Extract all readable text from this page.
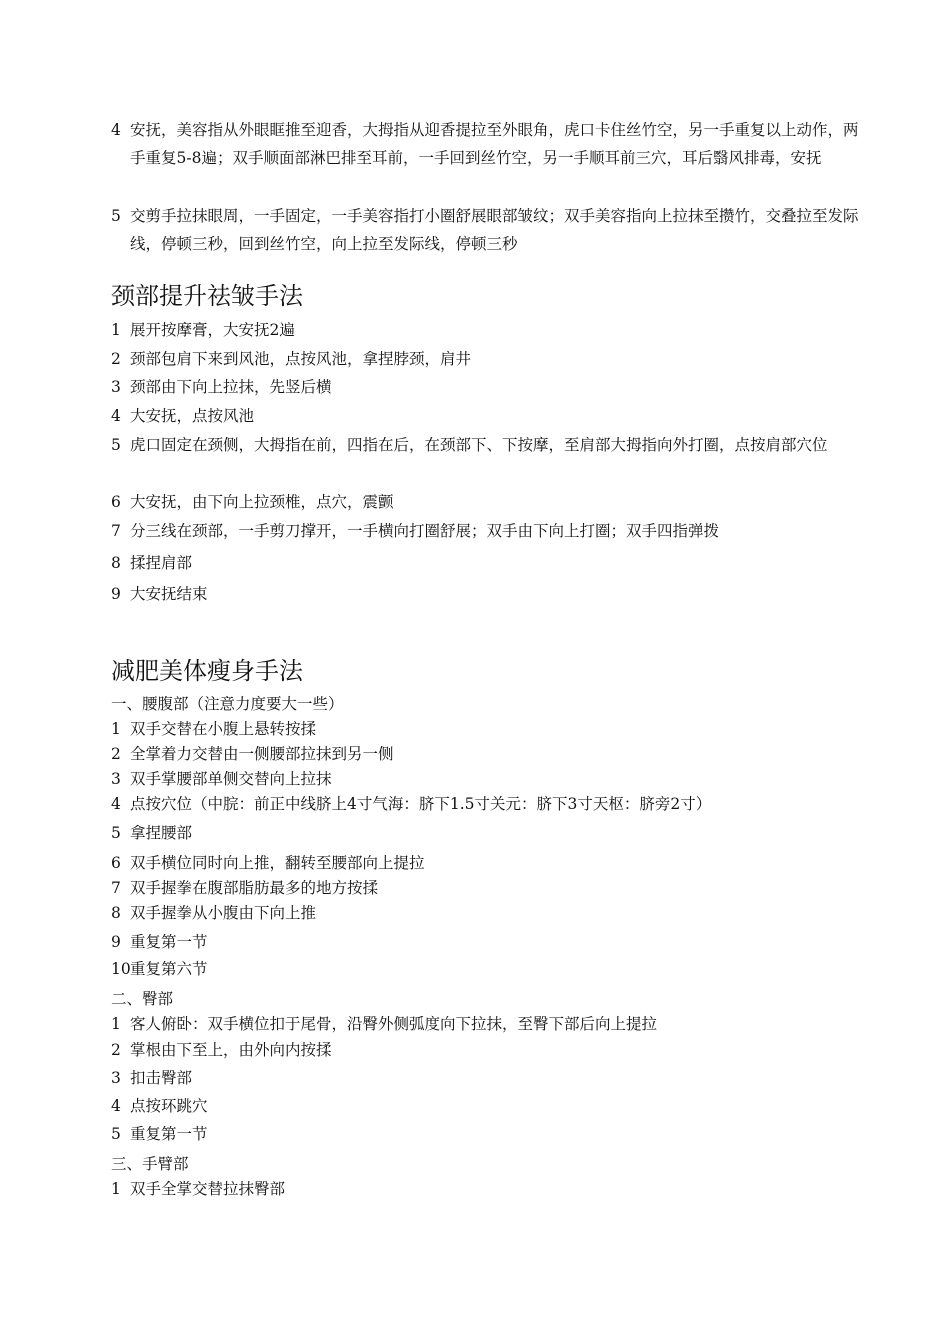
4 安抚，美容指从外眼眶推至迎香，大拇指从迎香提拉至外眼角，虎口卡住丝竹空，另一手重复以上动作，两手重复5-8遍；双手顺面部淋巴排至耳前，一手回到丝竹空，另一手顺耳前三穴，耳后翳风排毒，安抚
5 交剪手拉抹眼周，一手固定，一手美容指打小圈舒展眼部皱纹；双手美容指向上拉抹至攒竹，交叠拉至发际线，停顿三秒，回到丝竹空，向上拉至发际线，停顿三秒
颈部提升祛皱手法
1 展开按摩膏，大安抚2遍
2 颈部包肩下来到风池，点按风池，拿捏脖颈，肩井
3 颈部由下向上拉抹，先竖后横
4 大安抚，点按风池
5 虎口固定在颈侧，大拇指在前，四指在后，在颈部下、下按摩，至肩部大拇指向外打圈，点按肩部穴位
6 大安抚，由下向上拉颈椎，点穴，震颤
7 分三线在颈部，一手剪刀撑开，一手横向打圈舒展；双手由下向上打圈；双手四指弹拨
8 揉捏肩部
9 大安抚结束
减肥美体瘦身手法
一、腰腹部（注意力度要大一些）
1 双手交替在小腹上悬转按揉
2 全掌着力交替由一侧腰部拉抹到另一侧
3 双手掌腰部单侧交替向上拉抹
4 点按穴位（中脘：前正中线脐上4寸气海：脐下1.5寸关元：脐下3寸天枢：脐旁2寸）
5 拿捏腰部
6 双手横位同时向上推，翻转至腰部向上提拉
7 双手握拳在腹部脂肪最多的地方按揉
8 双手握拳从小腹由下向上推
9 重复第一节
10 重复第六节
二、臀部
1 客人俯卧：双手横位扣于尾骨，沿臀外侧弧度向下拉抹，至臀下部后向上提拉
2 掌根由下至上，由外向内按揉
3 扣击臀部
4 点按环跳穴
5 重复第一节
三、手臂部
1 双手全掌交替拉抹臀部
